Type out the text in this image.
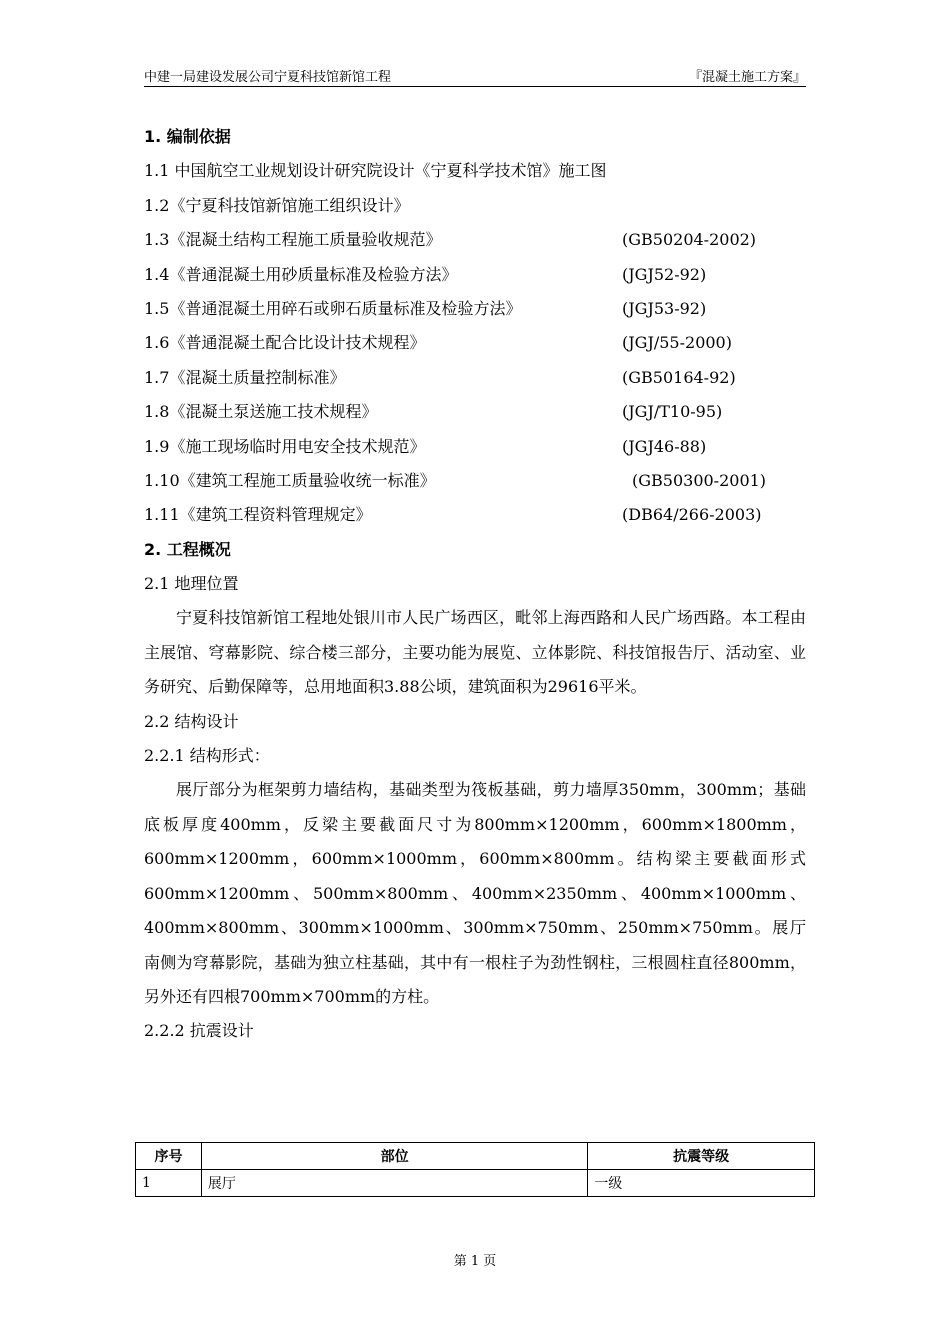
中建一局建设发展公司宁夏科技馆新馆工程	『混凝土施工方案』
1. 编制依据
1.1 中国航空工业规划设计研究院设计《宁夏科学技术馆》施工图
1.2《宁夏科技馆新馆施工组织设计》
1.3《混凝土结构工程施工质量验收规范》	(GB50204-2002)
1.4《普通混凝土用砂质量标准及检验方法》	(JGJ52-92)
1.5《普通混凝土用碎石或卵石质量标准及检验方法》	(JGJ53-92)
1.6《普通混凝土配合比设计技术规程》	(JGJ/55-2000)
1.7《混凝土质量控制标准》	(GB50164-92)
1.8《混凝土泵送施工技术规程》	(JGJ/T10-95)
1.9《施工现场临时用电安全技术规范》	(JGJ46-88)
1.10《建筑工程施工质量验收统一标准》	(GB50300-2001)
1.11《建筑工程资料管理规定》	(DB64/266-2003)
2. 工程概况
2.1 地理位置

宁夏科技馆新馆工程地处银川市人民广场西区，毗邻上海西路和人民广场西路。本工程由主展馆、穹幕影院、综合楼三部分，主要功能为展览、立体影院、科技馆报告厅、活动室、业务研究、后勤保障等，总用地面积3.88公顷，建筑面积为29616平米。

2.2 结构设计
2.2.1 结构形式：

展厅部分为框架剪力墙结构，基础类型为筏板基础，剪力墙厚350mm，300mm；基础底板厚度400mm，反梁主要截面尺寸为800mm×1200mm，600mm×1800mm，600mm×1200mm，600mm×1000mm，600mm×800mm。结构梁主要截面形式600mm×1200mm、500mm×800mm、400mm×2350mm、400mm×1000mm、400mm×800mm、300mm×1000mm、300mm×750mm、250mm×750mm。展厅南侧为穹幕影院，基础为独立柱基础，其中有一根柱子为劲性钢柱，三根圆柱直径800mm，另外还有四根700mm×700mm的方柱。

2.2.2 抗震设计
序号	部位	抗震等级
1	展厅	一级
第 1 页
